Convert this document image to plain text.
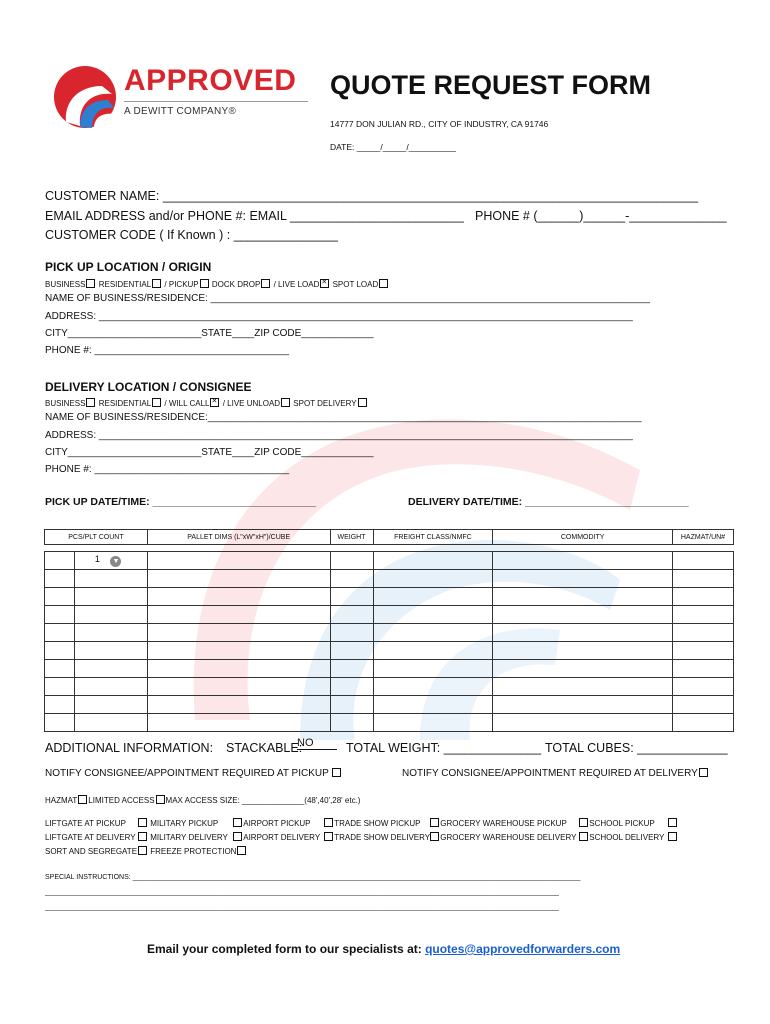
APPROVED
A DEWITT COMPANY®
QUOTE REQUEST FORM
14777 DON JULIAN RD., CITY OF INDUSTRY, CA 91746
DATE: _____/_____/__________
CUSTOMER NAME: _____________________________________________________________________________
EMAIL ADDRESS and/or PHONE #: EMAIL _________________________ PHONE # (______)______-______________
CUSTOMER CODE ( If Known ) : _______________
PICK UP LOCATION / ORIGIN
BUSINESS RESIDENTIAL / PICKUP DOCK DROP / LIVE LOAD ✕ SPOT LOAD
NAME OF BUSINESS/RESIDENCE: _______________________________________________________________________________
ADDRESS: ________________________________________________________________________________________________
CITY________________________STATE____ZIP CODE_____________
PHONE #: ___________________________________
DELIVERY LOCATION / CONSIGNEE
BUSINESS RESIDENTIAL / WILL CALL ✕ / LIVE UNLOAD SPOT DELIVERY
NAME OF BUSINESS/RESIDENCE:______________________________________________________________________________
ADDRESS: ________________________________________________________________________________________________
CITY________________________STATE____ZIP CODE_____________
PHONE #: ___________________________________
PICK UP DATE/TIME: ____________________________	DELIVERY DATE/TIME: ____________________________
PCS/PLT COUNT		PALLET DIMS (L"xW"xH")/CUBE	WEIGHT	FREIGHT CLASS/NMFC	COMMODITY	HAZMAT/UN#

	1 ▼					

ADDITIONAL INFORMATION: STACKABLE:
NO	TOTAL WEIGHT: ______________ TOTAL CUBES: _____________
NOTIFY CONSIGNEE/APPOINTMENT REQUIRED AT PICKUP	NOTIFY CONSIGNEE/APPOINTMENT REQUIRED AT DELIVERY
HAZMAT LIMITED ACCESS MAX ACCESS SIZE: ______________(48',40',28' etc.)
LIFTGATE AT PICKUP	MILITARY PICKUP	AIRPORT PICKUP	TRADE SHOW PICKUP GROCERY WAREHOUSE PICKUP	SCHOOL PICKUP
LIFTGATE AT DELIVERY MILITARY DELIVERY AIRPORT DELIVERY TRADE SHOW DELIVERY GROCERY WAREHOUSE DELIVERY SCHOOL DELIVERY
SORT AND SEGREGATE FREEZE PROTECTION
SPECIAL INSTRUCTIONS: ___________________________________________________________________________________________________________________
____________________________________________________________________________________________________________________________________
____________________________________________________________________________________________________________________________________
Email your completed form to our specialists at: quotes@approvedforwarders.com
